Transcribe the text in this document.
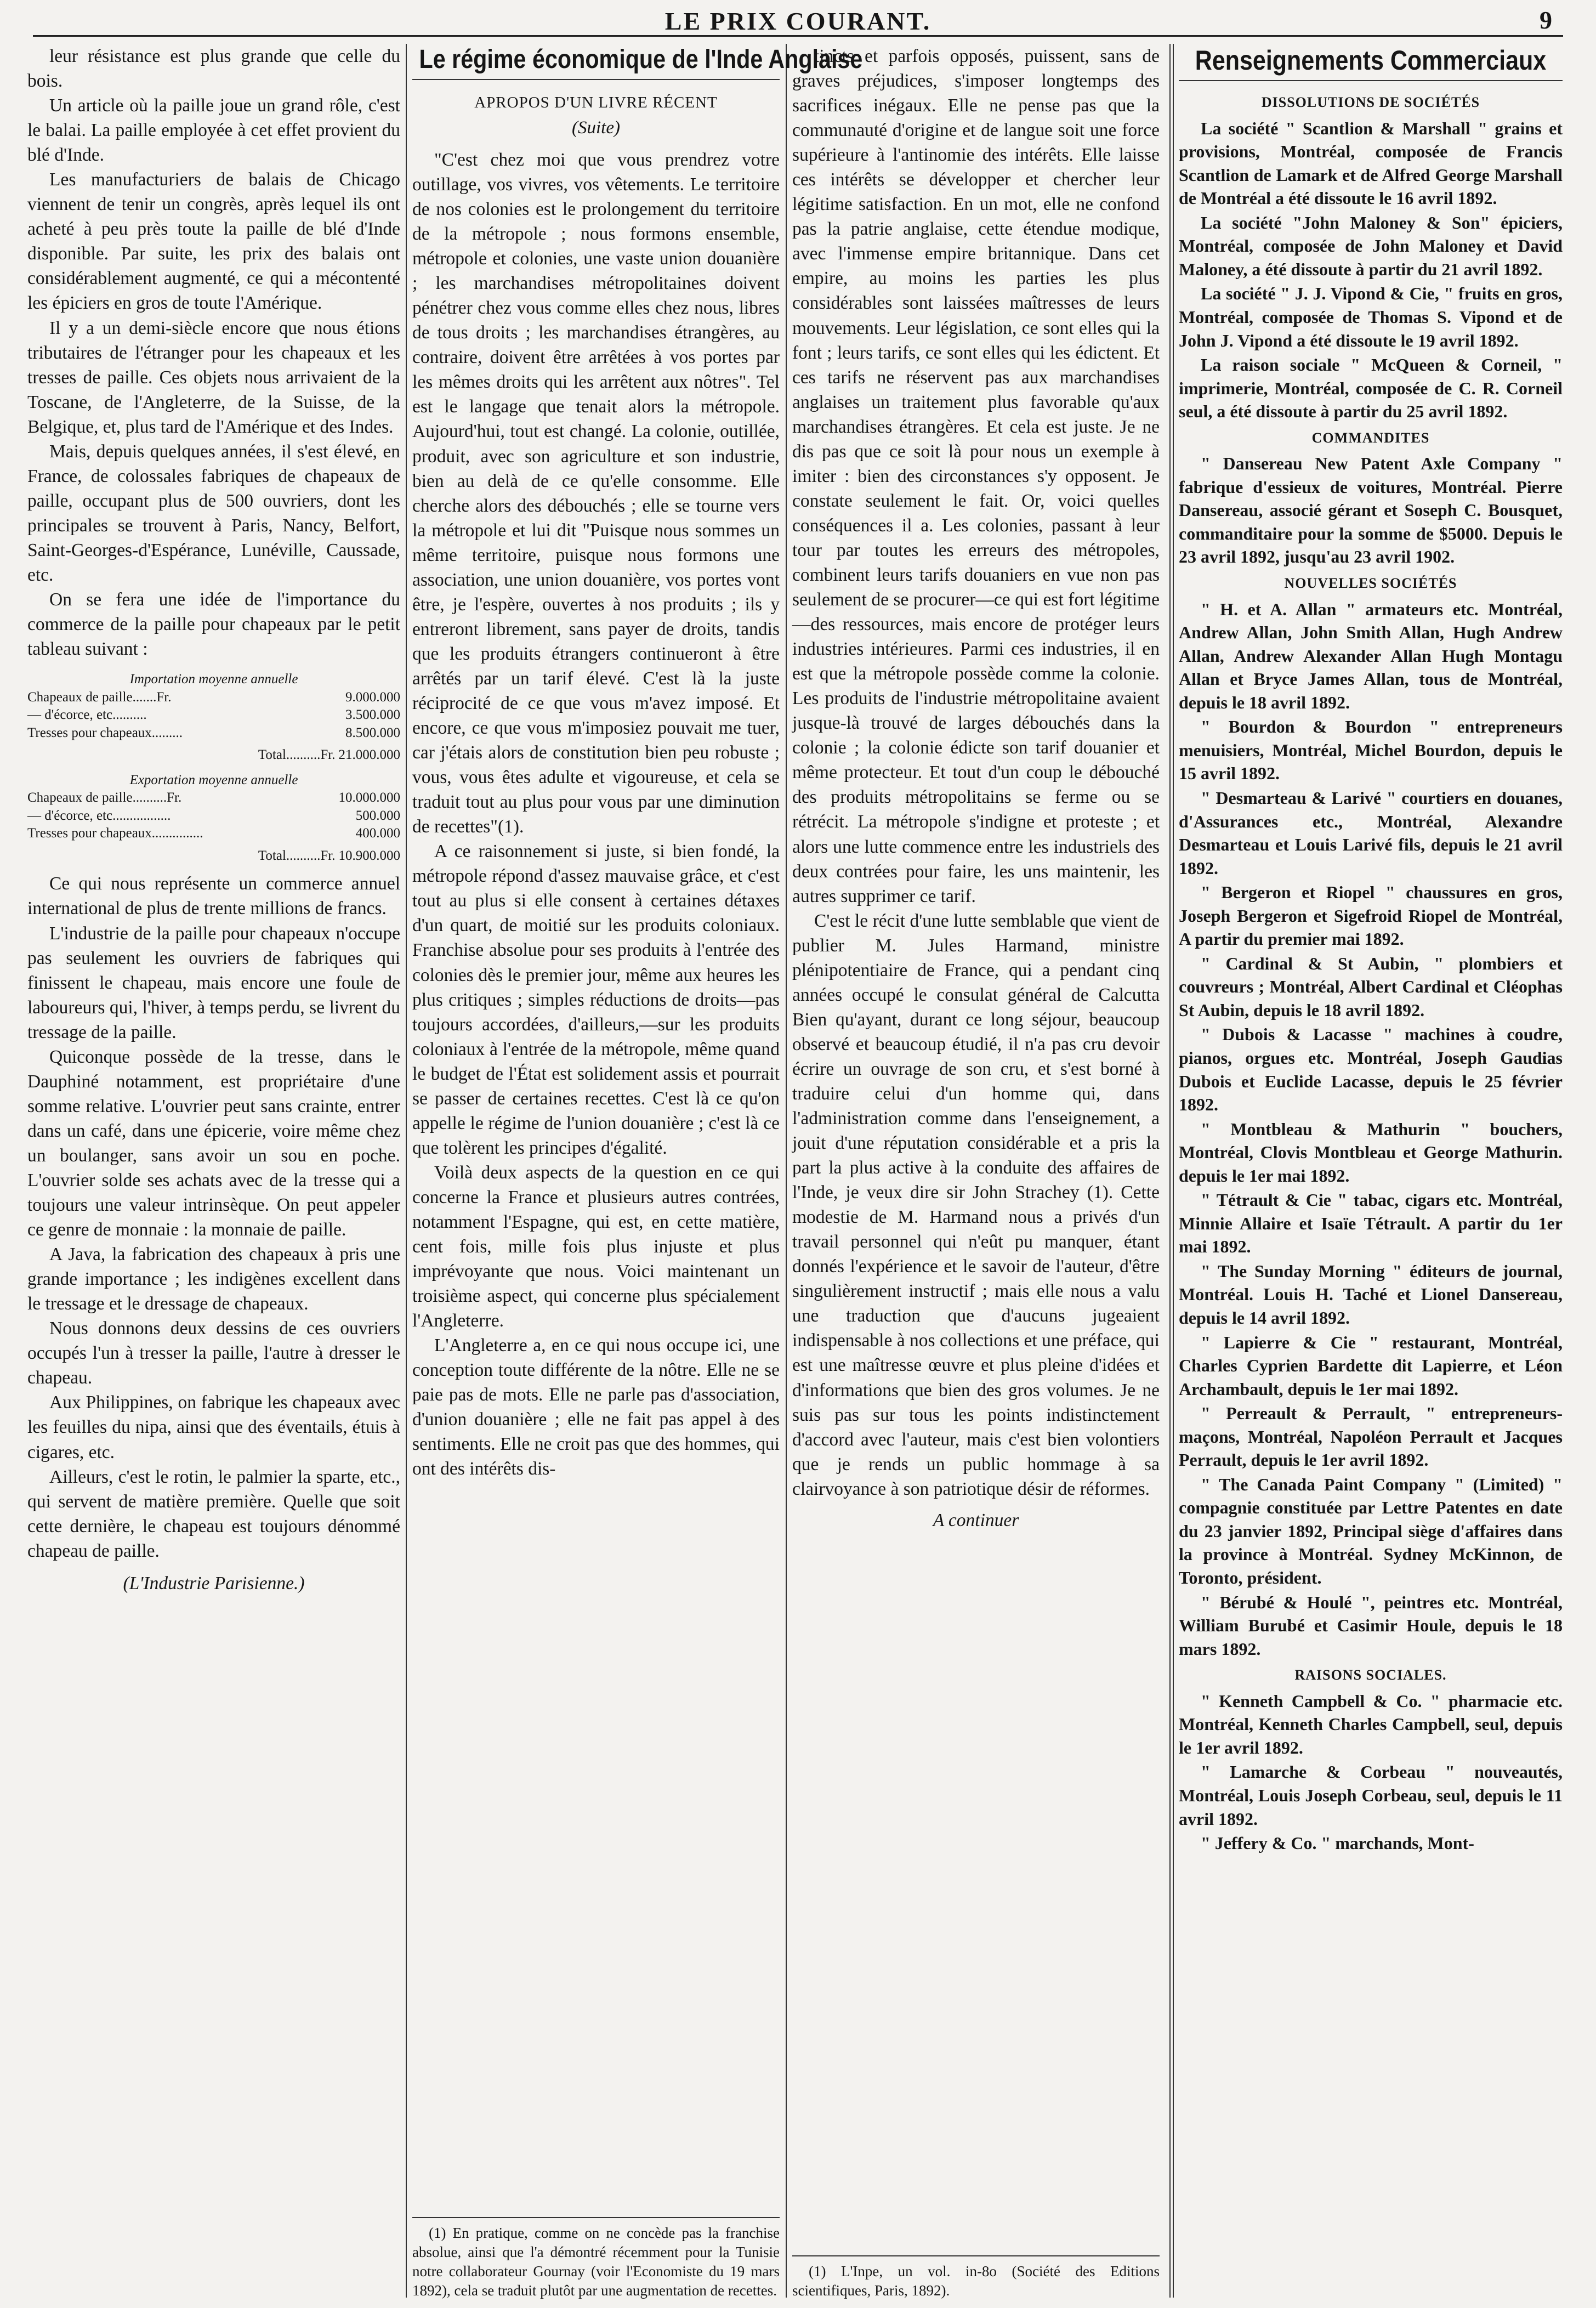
LE PRIX COURANT.	9

leur résistance est plus grande que celle du bois.

Un article où la paille joue un grand rôle, c'est le balai. La paille employée à cet effet provient du blé d'Inde.

Les manufacturiers de balais de Chicago viennent de tenir un congrès, après lequel ils ont acheté à peu près toute la paille de blé d'Inde disponible. Par suite, les prix des balais ont considérablement augmenté, ce qui a mécontenté les épiciers en gros de toute l'Amérique.

Il y a un demi-siècle encore que nous étions tributaires de l'étranger pour les chapeaux et les tresses de paille. Ces objets nous arrivaient de la Toscane, de l'Angleterre, de la Suisse, de la Belgique, et, plus tard de l'Amérique et des Indes.

Mais, depuis quelques années, il s'est élevé, en France, de colossales fabriques de chapeaux de paille, occupant plus de 500 ouvriers, dont les principales se trouvent à Paris, Nancy, Belfort, Saint-Georges-d'Espérance, Lunéville, Caussade, etc.

On se fera une idée de l'importance du commerce de la paille pour chapeaux par le petit tableau suivant :

Importation moyenne annuelle
Chapeaux de paille.......Fr.	9.000.000
— d'écorce, etc..........	3.500.000
Tresses pour chapeaux.........	8.500.000
Total..........Fr. 21.000.000
Exportation moyenne annuelle
Chapeaux de paille..........Fr.	10.000.000
— d'écorce, etc.................	500.000
Tresses pour chapeaux...............	400.000
Total..........Fr. 10.900.000

Ce qui nous représente un commerce annuel international de plus de trente millions de francs.

L'industrie de la paille pour chapeaux n'occupe pas seulement les ouvriers de fabriques qui finissent le chapeau, mais encore une foule de laboureurs qui, l'hiver, à temps perdu, se livrent du tressage de la paille.

Quiconque possède de la tresse, dans le Dauphiné notamment, est propriétaire d'une somme relative. L'ouvrier peut sans crainte, entrer dans un café, dans une épicerie, voire même chez un boulanger, sans avoir un sou en poche. L'ouvrier solde ses achats avec de la tresse qui a toujours une valeur intrinsèque. On peut appeler ce genre de monnaie : la monnaie de paille.

A Java, la fabrication des chapeaux à pris une grande importance ; les indigènes excellent dans le tressage et le dressage de chapeaux.

Nous donnons deux dessins de ces ouvriers occupés l'un à tresser la paille, l'autre à dresser le chapeau.

Aux Philippines, on fabrique les chapeaux avec les feuilles du nipa, ainsi que des éventails, étuis à cigares, etc.

Ailleurs, c'est le rotin, le palmier la sparte, etc., qui servent de matière première. Quelle que soit cette dernière, le chapeau est toujours dénommé chapeau de paille.

(L'Industrie Parisienne.)

Le régime économique de l'Inde Anglaise
APROPOS D'UN LIVRE RÉCENT
(Suite)

"C'est chez moi que vous prendrez votre outillage, vos vivres, vos vêtements. Le territoire de nos colonies est le prolongement du territoire de la métropole ; nous formons ensemble, métropole et colonies, une vaste union douanière ; les marchandises métropolitaines doivent pénétrer chez vous comme elles chez nous, libres de tous droits ; les marchandises étrangères, au contraire, doivent être arrêtées à vos portes par les mêmes droits qui les arrêtent aux nôtres". Tel est le langage que tenait alors la métropole. Aujourd'hui, tout est changé. La colonie, outillée, produit, avec son agriculture et son industrie, bien au delà de ce qu'elle consomme. Elle cherche alors des débouchés ; elle se tourne vers la métropole et lui dit "Puisque nous sommes un même territoire, puisque nous formons une association, une union douanière, vos portes vont être, je l'espère, ouvertes à nos produits ; ils y entreront librement, sans payer de droits, tandis que les produits étrangers continueront à être arrêtés par un tarif élevé. C'est là la juste réciprocité de ce que vous m'avez imposé. Et encore, ce que vous m'imposiez pouvait me tuer, car j'étais alors de constitution bien peu robuste ; vous, vous êtes adulte et vigoureuse, et cela se traduit tout au plus pour vous par une diminution de recettes"(1).

A ce raisonnement si juste, si bien fondé, la métropole répond d'assez mauvaise grâce, et c'est tout au plus si elle consent à certaines détaxes d'un quart, de moitié sur les produits coloniaux. Franchise absolue pour ses produits à l'entrée des colonies dès le premier jour, même aux heures les plus critiques ; simples réductions de droits—pas toujours accordées, d'ailleurs,—sur les produits coloniaux à l'entrée de la métropole, même quand le budget de l'État est solidement assis et pourrait se passer de certaines recettes. C'est là ce qu'on appelle le régime de l'union douanière ; c'est là ce que tolèrent les principes d'égalité.

Voilà deux aspects de la question en ce qui concerne la France et plusieurs autres contrées, notamment l'Espagne, qui est, en cette matière, cent fois, mille fois plus injuste et plus imprévoyante que nous. Voici maintenant un troisième aspect, qui concerne plus spécialement l'Angleterre.

L'Angleterre a, en ce qui nous occupe ici, une conception toute différente de la nôtre. Elle ne se paie pas de mots. Elle ne parle pas d'association, d'union douanière ; elle ne fait pas appel à des sentiments. Elle ne croit pas que des hommes, qui ont des intérêts dis-

(1) En pratique, comme on ne concède pas la franchise absolue, ainsi que l'a démontré récemment pour la Tunisie notre collaborateur Gournay (voir l'Economiste du 19 mars 1892), cela se traduit plutôt par une augmentation de recettes.

tincts et parfois opposés, puissent, sans de graves préjudices, s'imposer longtemps des sacrifices inégaux. Elle ne pense pas que la communauté d'origine et de langue soit une force supérieure à l'antinomie des intérêts. Elle laisse ces intérêts se développer et chercher leur légitime satisfaction. En un mot, elle ne confond pas la patrie anglaise, cette étendue modique, avec l'immense empire britannique. Dans cet empire, au moins les parties les plus considérables sont laissées maîtresses de leurs mouvements. Leur législation, ce sont elles qui la font ; leurs tarifs, ce sont elles qui les édictent. Et ces tarifs ne réservent pas aux marchandises anglaises un traitement plus favorable qu'aux marchandises étrangères. Et cela est juste. Je ne dis pas que ce soit là pour nous un exemple à imiter : bien des circonstances s'y opposent. Je constate seulement le fait. Or, voici quelles conséquences il a. Les colonies, passant à leur tour par toutes les erreurs des métropoles, combinent leurs tarifs douaniers en vue non pas seulement de se procurer—ce qui est fort légitime—des ressources, mais encore de protéger leurs industries intérieures. Parmi ces industries, il en est que la métropole possède comme la colonie. Les produits de l'industrie métropolitaine avaient jusque-là trouvé de larges débouchés dans la colonie ; la colonie édicte son tarif douanier et même protecteur. Et tout d'un coup le débouché des produits métropolitains se ferme ou se rétrécit. La métropole s'indigne et proteste ; et alors une lutte commence entre les industriels des deux contrées pour faire, les uns maintenir, les autres supprimer ce tarif.

C'est le récit d'une lutte semblable que vient de publier M. Jules Harmand, ministre plénipotentiaire de France, qui a pendant cinq années occupé le consulat général de Calcutta Bien qu'ayant, durant ce long séjour, beaucoup observé et beaucoup étudié, il n'a pas cru devoir écrire un ouvrage de son cru, et s'est borné à traduire celui d'un homme qui, dans l'administration comme dans l'enseignement, a jouit d'une réputation considérable et a pris la part la plus active à la conduite des affaires de l'Inde, je veux dire sir John Strachey (1). Cette modestie de M. Harmand nous a privés d'un travail personnel qui n'eût pu manquer, étant donnés l'expérience et le savoir de l'auteur, d'être singulièrement instructif ; mais elle nous a valu une traduction que d'aucuns jugeaient indispensable à nos collections et une préface, qui est une maîtresse œuvre et plus pleine d'idées et d'informations que bien des gros volumes. Je ne suis pas sur tous les points indistinctement d'accord avec l'auteur, mais c'est bien volontiers que je rends un public hommage à sa clairvoyance à son patriotique désir de réformes.

A continuer

(1) L'Inpe, un vol. in-8o (Société des Editions scientifiques, Paris, 1892).

Renseignements Commerciaux
DISSOLUTIONS DE SOCIÉTÉS

La société " Scantlion & Marshall " grains et provisions, Montréal, composée de Francis Scantlion de Lamark et de Alfred George Marshall de Montréal a été dissoute le 16 avril 1892.

La société "John Maloney & Son" épiciers, Montréal, composée de John Maloney et David Maloney, a été dissoute à partir du 21 avril 1892.

La société " J. J. Vipond & Cie, " fruits en gros, Montréal, composée de Thomas S. Vipond et de John J. Vipond a été dissoute le 19 avril 1892.

La raison sociale " McQueen & Corneil, " imprimerie, Montréal, composée de C. R. Corneil seul, a été dissoute à partir du 25 avril 1892.

COMMANDITES

" Dansereau New Patent Axle Company " fabrique d'essieux de voitures, Montréal. Pierre Dansereau, associé gérant et Soseph C. Bousquet, commanditaire pour la somme de $5000. Depuis le 23 avril 1892, jusqu'au 23 avril 1902.

NOUVELLES SOCIÉTÉS

" H. et A. Allan " armateurs etc. Montréal, Andrew Allan, John Smith Allan, Hugh Andrew Allan, Andrew Alexander Allan Hugh Montagu Allan et Bryce James Allan, tous de Montréal, depuis le 18 avril 1892.

" Bourdon & Bourdon " entrepreneurs menuisiers, Montréal, Michel Bourdon, depuis le 15 avril 1892.

" Desmarteau & Larivé " courtiers en douanes, d'Assurances etc., Montréal, Alexandre Desmarteau et Louis Larivé fils, depuis le 21 avril 1892.

" Bergeron et Riopel " chaussures en gros, Joseph Bergeron et Sigefroid Riopel de Montréal, A partir du premier mai 1892.

" Cardinal & St Aubin, " plombiers et couvreurs ; Montréal, Albert Cardinal et Cléophas St Aubin, depuis le 18 avril 1892.

" Dubois & Lacasse " machines à coudre, pianos, orgues etc. Montréal, Joseph Gaudias Dubois et Euclide Lacasse, depuis le 25 février 1892.

" Montbleau & Mathurin " bouchers, Montréal, Clovis Montbleau et George Mathurin. depuis le 1er mai 1892.

" Tétrault & Cie " tabac, cigars etc. Montréal, Minnie Allaire et Isaïe Tétrault. A partir du 1er mai 1892.

" The Sunday Morning " éditeurs de journal, Montréal. Louis H. Taché et Lionel Dansereau, depuis le 14 avril 1892.

" Lapierre & Cie " restaurant, Montréal, Charles Cyprien Bardette dit Lapierre, et Léon Archambault, depuis le 1er mai 1892.

" Perreault & Perrault, " entrepreneurs-maçons, Montréal, Napoléon Perrault et Jacques Perrault, depuis le 1er avril 1892.

" The Canada Paint Company " (Limited) " compagnie constituée par Lettre Patentes en date du 23 janvier 1892, Principal siège d'affaires dans la province à Montréal. Sydney McKinnon, de Toronto, président.

" Bérubé & Houlé ", peintres etc. Montréal, William Burubé et Casimir Houle, depuis le 18 mars 1892.

RAISONS SOCIALES.

" Kenneth Campbell & Co. " pharmacie etc. Montréal, Kenneth Charles Campbell, seul, depuis le 1er avril 1892.

" Lamarche & Corbeau " nouveautés, Montréal, Louis Joseph Corbeau, seul, depuis le 11 avril 1892.

" Jeffery & Co. " marchands, Mont-
